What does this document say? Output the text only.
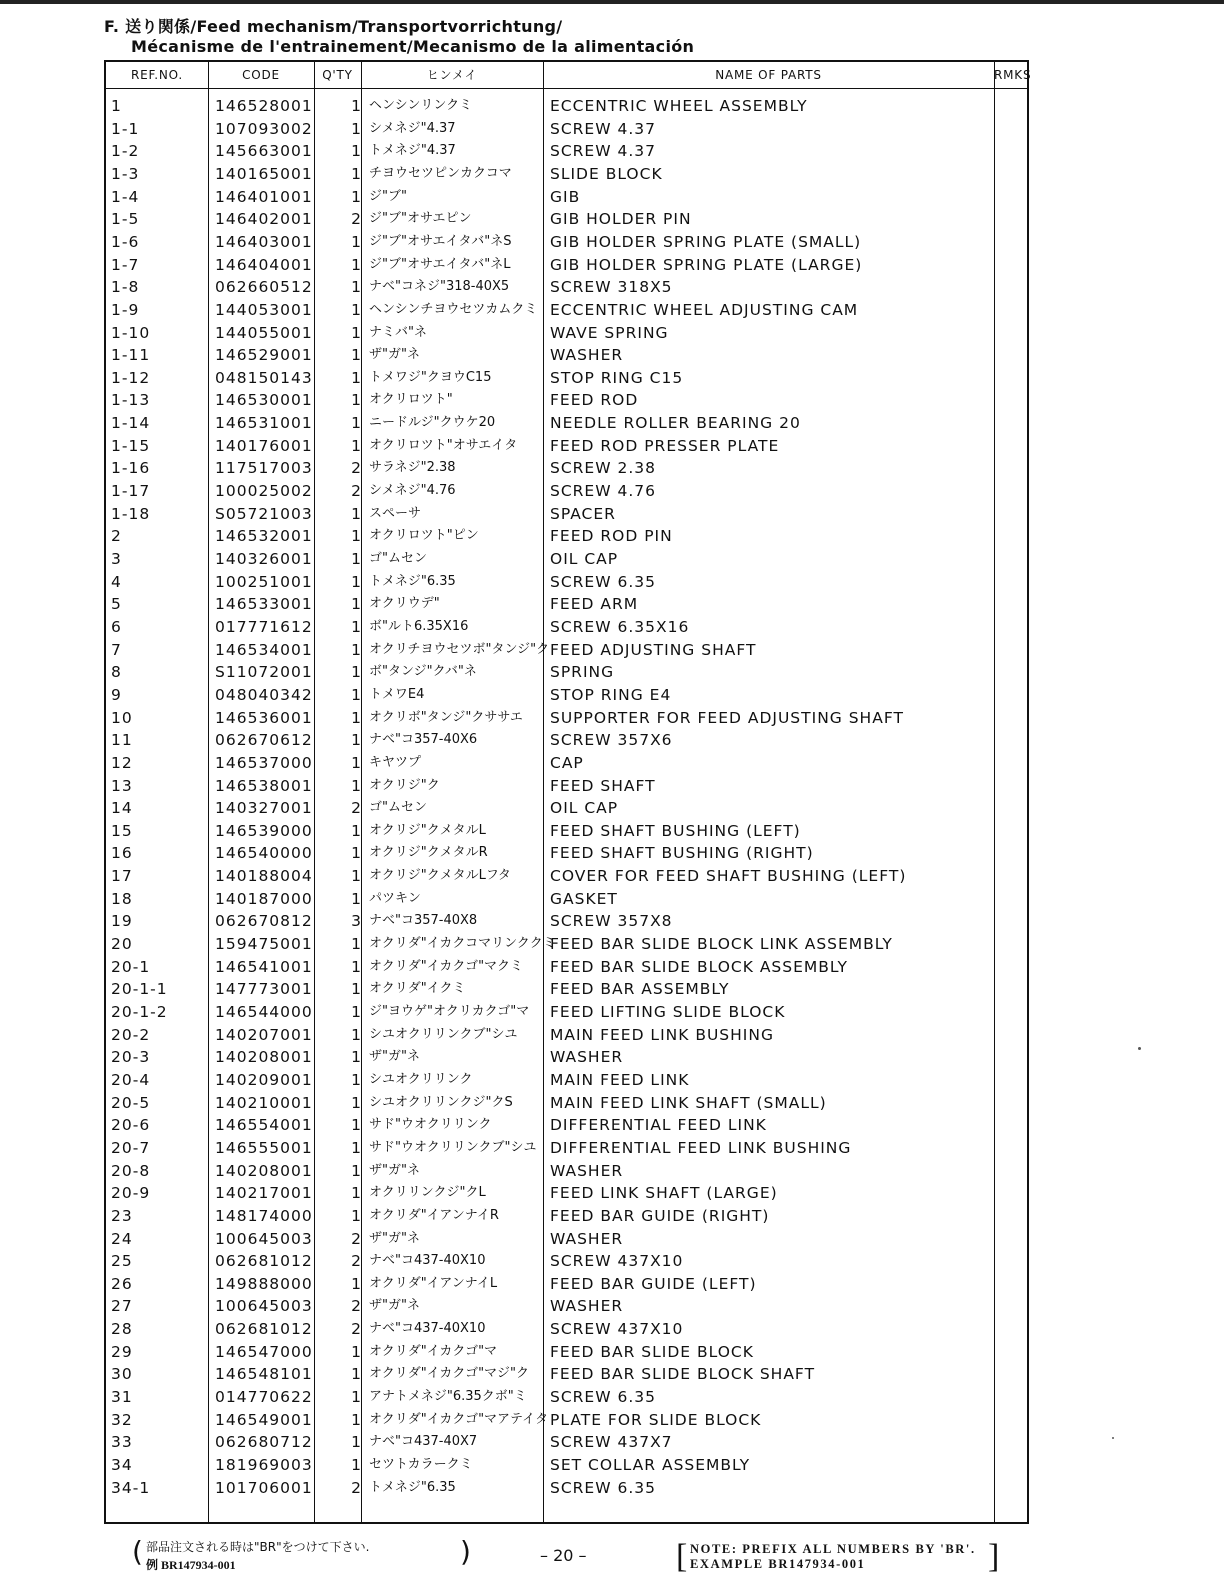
F. 送り関係/Feed mechanism/Transportvorrichtung/
Mécanisme de l'entrainement/Mecanismo de la alimentación
REF.NO.	CODE	Q'TY	ヒンメイ	NAME OF PARTS	RMKS
1	146528001	1 ヘンシンリンクミ	ECCENTRIC WHEEL ASSEMBLY
1-1	107093002	1 シメネジ"4.37	SCREW 4.37
1-2	145663001	1 トメネジ"4.37	SCREW 4.37
1-3	140165001	1 チヨウセツピンカクコマ SLIDE BLOCK
1-4	146401001	1 ジ"ブ"	GIB
1-5	146402001	2 ジ"ブ"オサエピン	GIB HOLDER PIN
1-6	146403001	1 ジ"ブ"オサエイタバ"ネS GIB HOLDER SPRING PLATE (SMALL)
1-7	146404001	1 ジ"ブ"オサエイタバ"ネL	GIB HOLDER SPRING PLATE (LARGE)
1-8	062660512	1 ナベ"コネジ"318-40X5	SCREW 318X5
1-9	144053001	1 ヘンシンチヨウセツカムクミ ECCENTRIC WHEEL ADJUSTING CAM
1-10	144055001	1 ナミバ"ネ	WAVE SPRING
1-11	146529001	1 ザ"ガ"ネ	WASHER
1-12	048150143	1 トメワジ"クヨウC15	STOP RING C15
1-13	146530001	1 オクリロツト"	FEED ROD
1-14	146531001	1 ニードルジ"クウケ20	NEEDLE ROLLER BEARING 20
1-15	140176001	1 オクリロツト"オサエイタ FEED ROD PRESSER PLATE
1-16	117517003	2 サラネジ"2.38	SCREW 2.38
1-17	100025002	2 シメネジ"4.76	SCREW 4.76
1-18	S05721003	1 スペーサ	SPACER
2	146532001	1 オクリロツト"ピン	FEED ROD PIN
3	140326001	1 ゴ"ムセン	OIL CAP
4	100251001	1 トメネジ"6.35	SCREW 6.35
5	146533001	1 オクリウデ"	FEED ARM
6	017771612	1 ボ"ルト6.35X16	SCREW 6.35X16
7	146534001	1 オクリチヨウセツボ"タンジ"ク FEED ADJUSTING SHAFT
8	S11072001	1 ボ"タンジ"クバ"ネ	SPRING
9	048040342	1 トメワE4	STOP RING E4
10	146536001	1 オクリボ"タンジ"クササエ SUPPORTER FOR FEED ADJUSTING SHAFT
11	062670612	1 ナベ"コ357-40X6	SCREW 357X6
12	146537000	1 キヤツプ	CAP
13	146538001	1 オクリジ"ク	FEED SHAFT
14	140327001	2 ゴ"ムセン	OIL CAP
15	146539000	1 オクリジ"クメタルL	FEED SHAFT BUSHING (LEFT)
16	146540000	1 オクリジ"クメタルR	FEED SHAFT BUSHING (RIGHT)
17	140188004	1 オクリジ"クメタルLフタ	COVER FOR FEED SHAFT BUSHING (LEFT)
18	140187000	1 パツキン	GASKET
19	062670812	3 ナベ"コ357-40X8	SCREW 357X8
20	159475001	1 オクリダ"イカクコマリンククミ
FEED BAR SLIDE BLOCK LINK ASSEMBLY
20-1	146541001	1 オクリダ"イカクゴ"マクミ FEED BAR SLIDE BLOCK ASSEMBLY
20-1-1	147773001	1 オクリダ"イクミ	FEED BAR ASSEMBLY
20-1-2	146544000	1 ジ"ヨウゲ"オクリカクゴ"マ FEED LIFTING SLIDE BLOCK
20-2	140207001	1 シユオクリリンクブ"シユ MAIN FEED LINK BUSHING
20-3	140208001	1 ザ"ガ"ネ	WASHER
20-4	140209001	1 シユオクリリンク	MAIN FEED LINK
20-5	140210001	1 シユオクリリンクジ"クS MAIN FEED LINK SHAFT (SMALL)
20-6	146554001	1 サド"ウオクリリンク	DIFFERENTIAL FEED LINK
20-7	146555001	1 サド"ウオクリリンクブ"シユ DIFFERENTIAL FEED LINK BUSHING
20-8	140208001	1 ザ"ガ"ネ	WASHER
20-9	140217001	1 オクリリンクジ"クL	FEED LINK SHAFT (LARGE)
23	148174000	1 オクリダ"イアンナイR	FEED BAR GUIDE (RIGHT)
24	100645003	2 ザ"ガ"ネ	WASHER
25	062681012	2 ナベ"コ437-40X10	SCREW 437X10
26	149888000	1 オクリダ"イアンナイL	FEED BAR GUIDE (LEFT)
27	100645003	2 ザ"ガ"ネ	WASHER
28	062681012	2 ナベ"コ437-40X10	SCREW 437X10
29	146547000	1 オクリダ"イカクゴ"マ	FEED BAR SLIDE BLOCK
30	146548101	1 オクリダ"イカクゴ"マジ"ク FEED BAR SLIDE BLOCK SHAFT
31	014770622	1 アナトメネジ"6.35クボ"ミ SCREW 6.35
32	146549001	1 オクリダ"イカクゴ"マアテイタ PLATE FOR SLIDE BLOCK
33	062680712	1 ナベ"コ437-40X7	SCREW 437X7
34	181969003	1 セツトカラークミ	SET COLLAR ASSEMBLY
34-1	101706001	2 トメネジ"6.35	SCREW 6.35
( 部品注文される時は"BR"をつけて下さい.
例 BR147934-001	)	– 20 –	[ NOTE: PREFIX ALL NUMBERS BY 'BR'.
EXAMPLE BR147934-001	]
